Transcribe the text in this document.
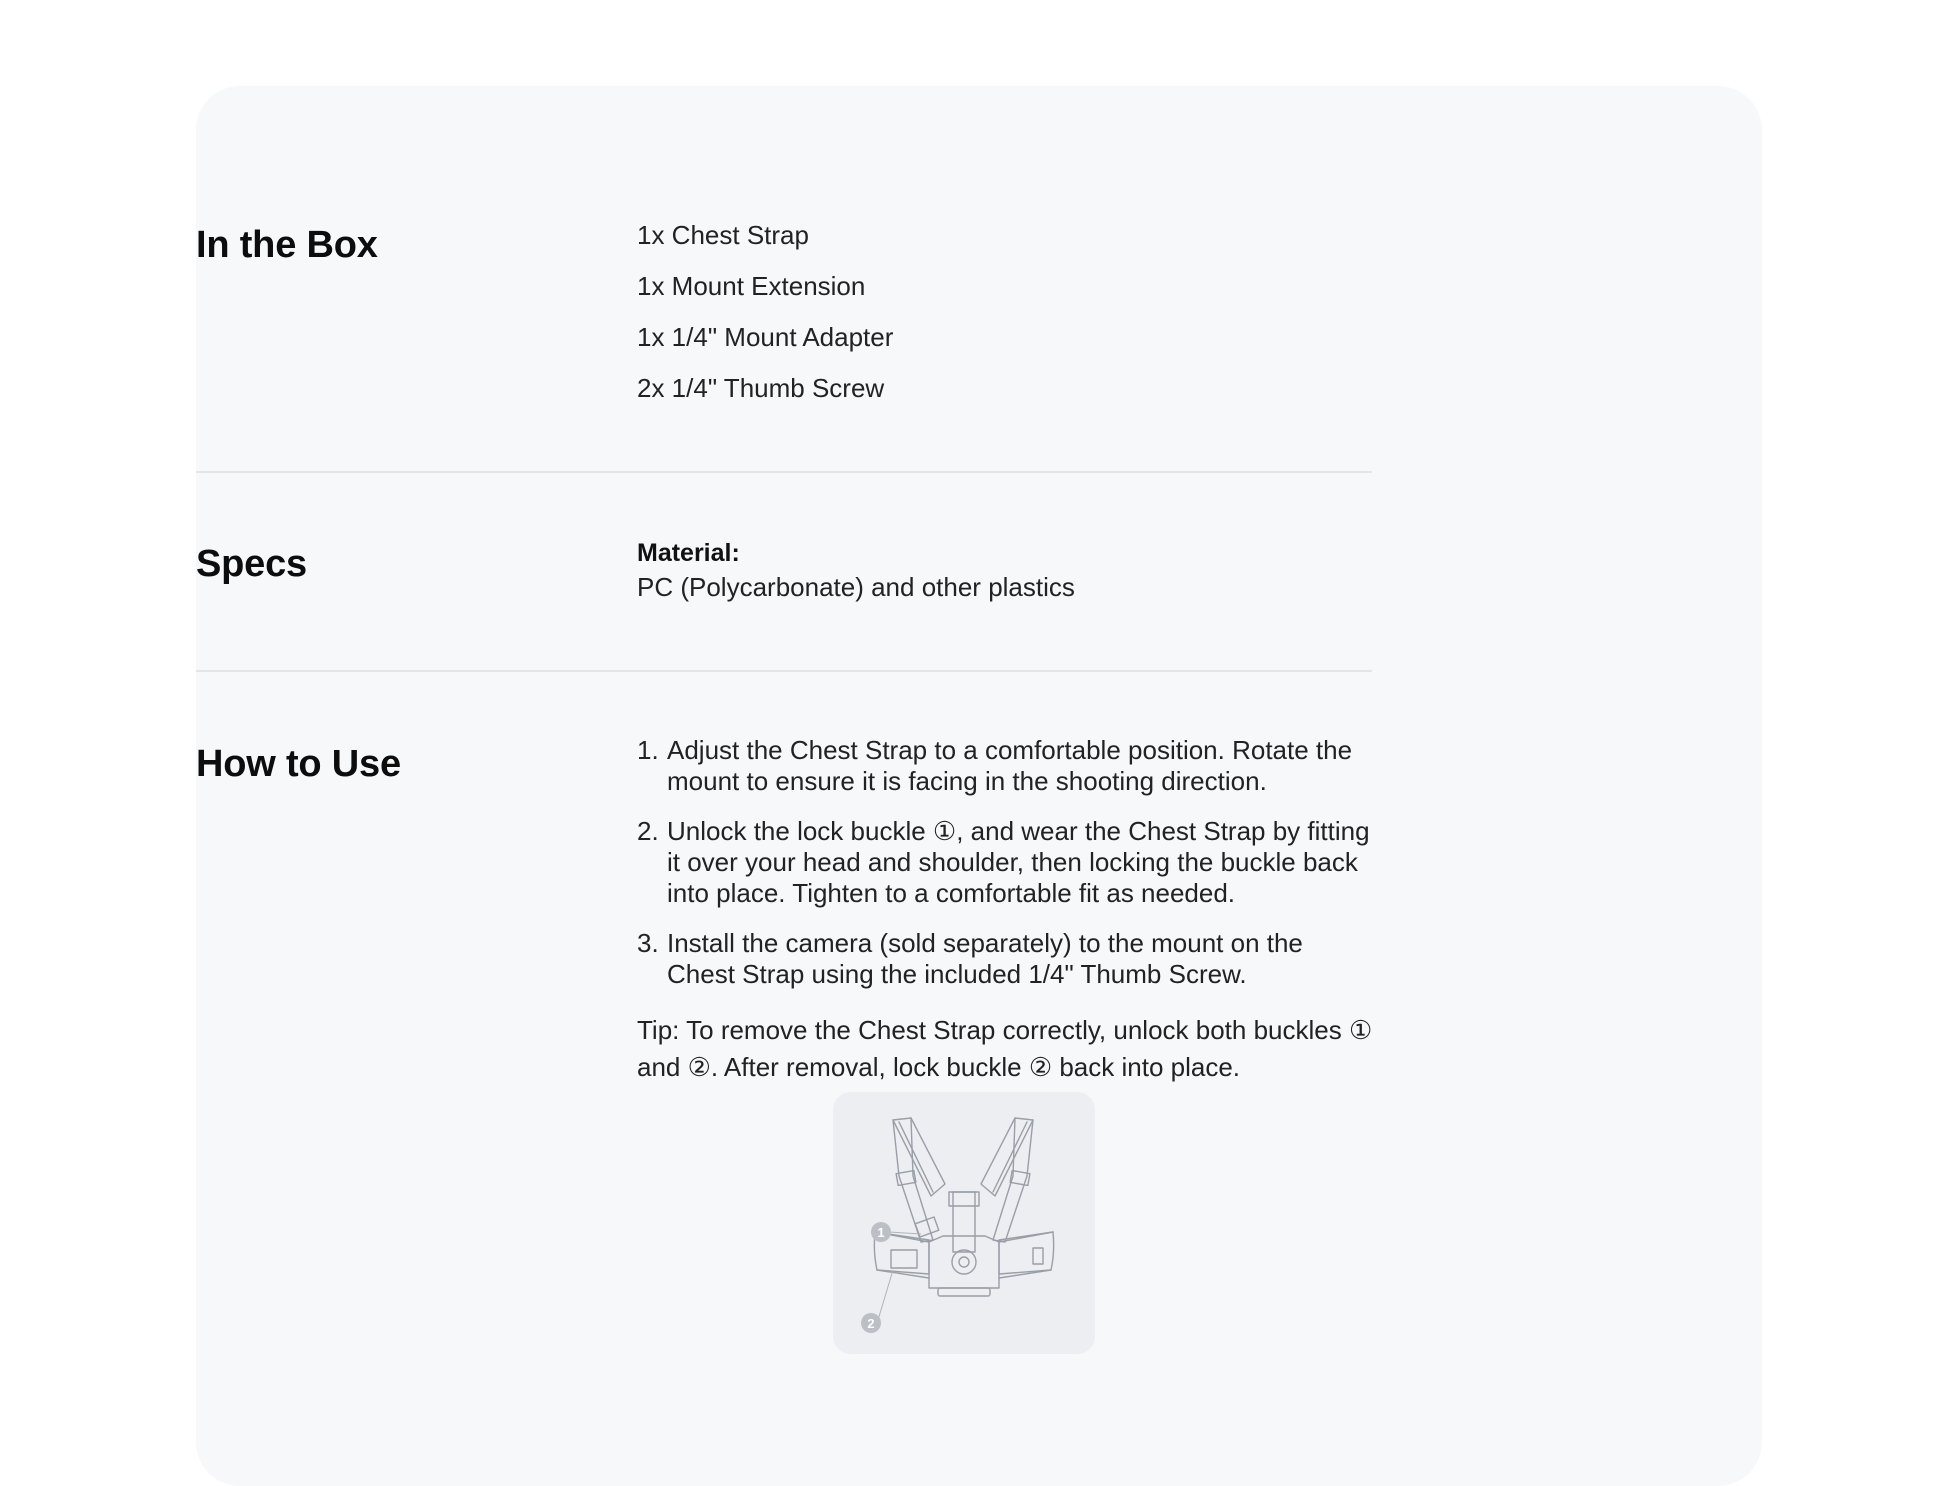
In the Box	1x Chest Strap
1x Mount Extension
1x 1/4" Mount Adapter
2x 1/4" Thumb Screw
Specs	Material:
PC (Polycarbonate) and other plastics
How to Use	1. Adjust the Chest Strap to a comfortable position. Rotate the mount to ensure it is facing in the shooting direction.
2. Unlock the lock buckle ①, and wear the Chest Strap by fitting it over your head and shoulder, then locking the buckle back into place. Tighten to a comfortable fit as needed.
3. Install the camera (sold separately) to the mount on the Chest Strap using the included 1/4" Thumb Screw.
Tip: To remove the Chest Strap correctly, unlock both buckles ① and ②. After removal, lock buckle ② back into place.
1
2
